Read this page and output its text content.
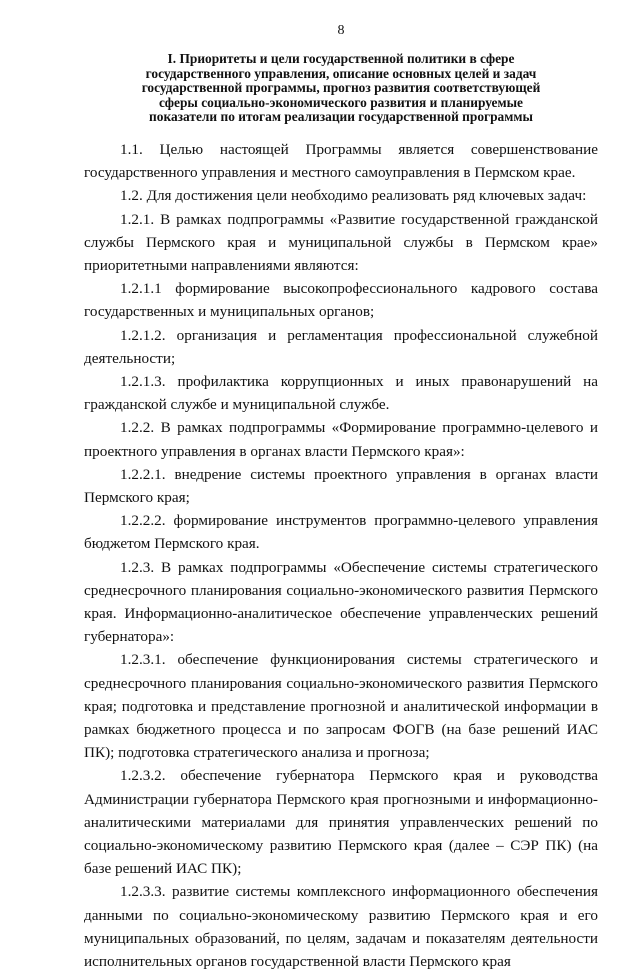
8
I. Приоритеты и цели государственной политики в сфере
государственного управления, описание основных целей и задач
государственной программы, прогноз развития соответствующей
сферы социально-экономического развития и планируемые
показатели по итогам реализации государственной программы

1.1. Целью настоящей Программы является совершенствование государственного управления и местного самоуправления в Пермском крае.

1.2. Для достижения цели необходимо реализовать ряд ключевых задач:

1.2.1. В рамках подпрограммы «Развитие государственной гражданской службы Пермского края и муниципальной службы в Пермском крае» приоритетными направлениями являются:

1.2.1.1 формирование высокопрофессионального кадрового состава государственных и муниципальных органов;

1.2.1.2. организация и регламентация профессиональной служебной деятельности;

1.2.1.3. профилактика коррупционных и иных правонарушений на гражданской службе и муниципальной службе.

1.2.2. В рамках подпрограммы «Формирование программно-целевого и проектного управления в органах власти Пермского края»:

1.2.2.1. внедрение системы проектного управления в органах власти Пермского края;

1.2.2.2. формирование инструментов программно-целевого управления бюджетом Пермского края.

1.2.3. В рамках подпрограммы «Обеспечение системы стратегического среднесрочного планирования социально-экономического развития Пермского края. Информационно-аналитическое обеспечение управленческих решений губернатора»:

1.2.3.1. обеспечение функционирования системы стратегического и среднесрочного планирования социально-экономического развития Пермского края; подготовка и представление прогнозной и аналитической информации в рамках бюджетного процесса и по запросам ФОГВ (на базе решений ИАС ПК); подготовка стратегического анализа и прогноза;

1.2.3.2. обеспечение губернатора Пермского края и руководства Администрации губернатора Пермского края прогнозными и информационно-аналитическими материалами для принятия управленческих решений по социально-экономическому развитию Пермского края (далее – СЭР ПК) (на базе решений ИАС ПК);

1.2.3.3. развитие системы комплексного информационного обеспечения данными по социально-экономическому развитию Пермского края и его муниципальных образований, по целям, задачам и показателям деятельности исполнительных органов государственной власти Пермского края
